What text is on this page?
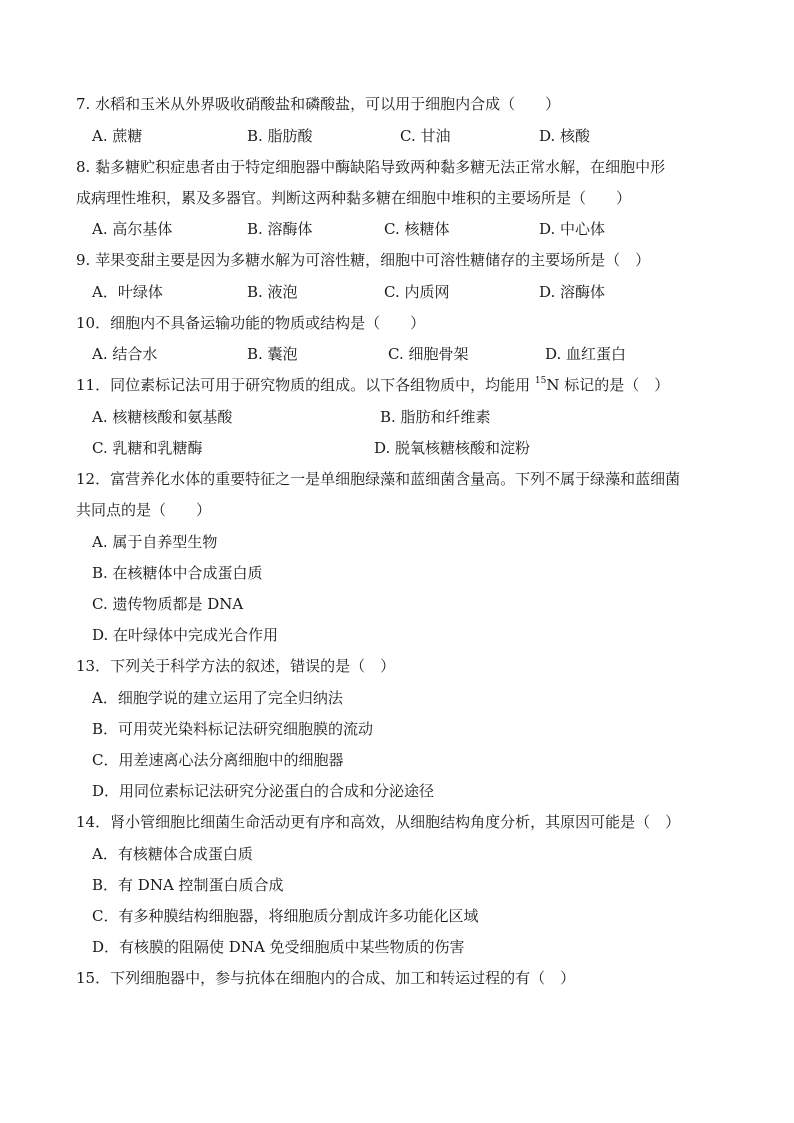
7. 水稻和玉米从外界吸收硝酸盐和磷酸盐，可以用于细胞内合成（　　）
A. 蔗糖	B. 脂肪酸	C. 甘油	D. 核酸
8. 黏多糖贮积症患者由于特定细胞器中酶缺陷导致两种黏多糖无法正常水解，在细胞中形
成病理性堆积，累及多器官。判断这两种黏多糖在细胞中堆积的主要场所是（　　）
A. 高尔基体	B. 溶酶体	C. 核糖体	D. 中心体
9. 苹果变甜主要是因为多糖水解为可溶性糖，细胞中可溶性糖储存的主要场所是（　）
A．叶绿体	B. 液泡	C. 内质网	D. 溶酶体
10．细胞内不具备运输功能的物质或结构是（　　）
A. 结合水	B. 囊泡	C. 细胞骨架	D. 血红蛋白
11．同位素标记法可用于研究物质的组成。以下各组物质中，均能用 $^{15}$N 标记的是（　）
A. 核糖核酸和氨基酸	B. 脂肪和纤维素
C. 乳糖和乳糖酶	D. 脱氧核糖核酸和淀粉
12．富营养化水体的重要特征之一是单细胞绿藻和蓝细菌含量高。下列不属于绿藻和蓝细菌
共同点的是（　　）
A. 属于自养型生物
B. 在核糖体中合成蛋白质
C. 遗传物质都是 DNA
D. 在叶绿体中完成光合作用
13．下列关于科学方法的叙述，错误的是（　）
A．细胞学说的建立运用了完全归纳法
B．可用荧光染料标记法研究细胞膜的流动
C．用差速离心法分离细胞中的细胞器
D．用同位素标记法研究分泌蛋白的合成和分泌途径
14．肾小管细胞比细菌生命活动更有序和高效，从细胞结构角度分析，其原因可能是（　）
A．有核糖体合成蛋白质
B．有 DNA 控制蛋白质合成
C．有多种膜结构细胞器，将细胞质分割成许多功能化区域
D．有核膜的阻隔使 DNA 免受细胞质中某些物质的伤害
15．下列细胞器中，参与抗体在细胞内的合成、加工和转运过程的有（　）
